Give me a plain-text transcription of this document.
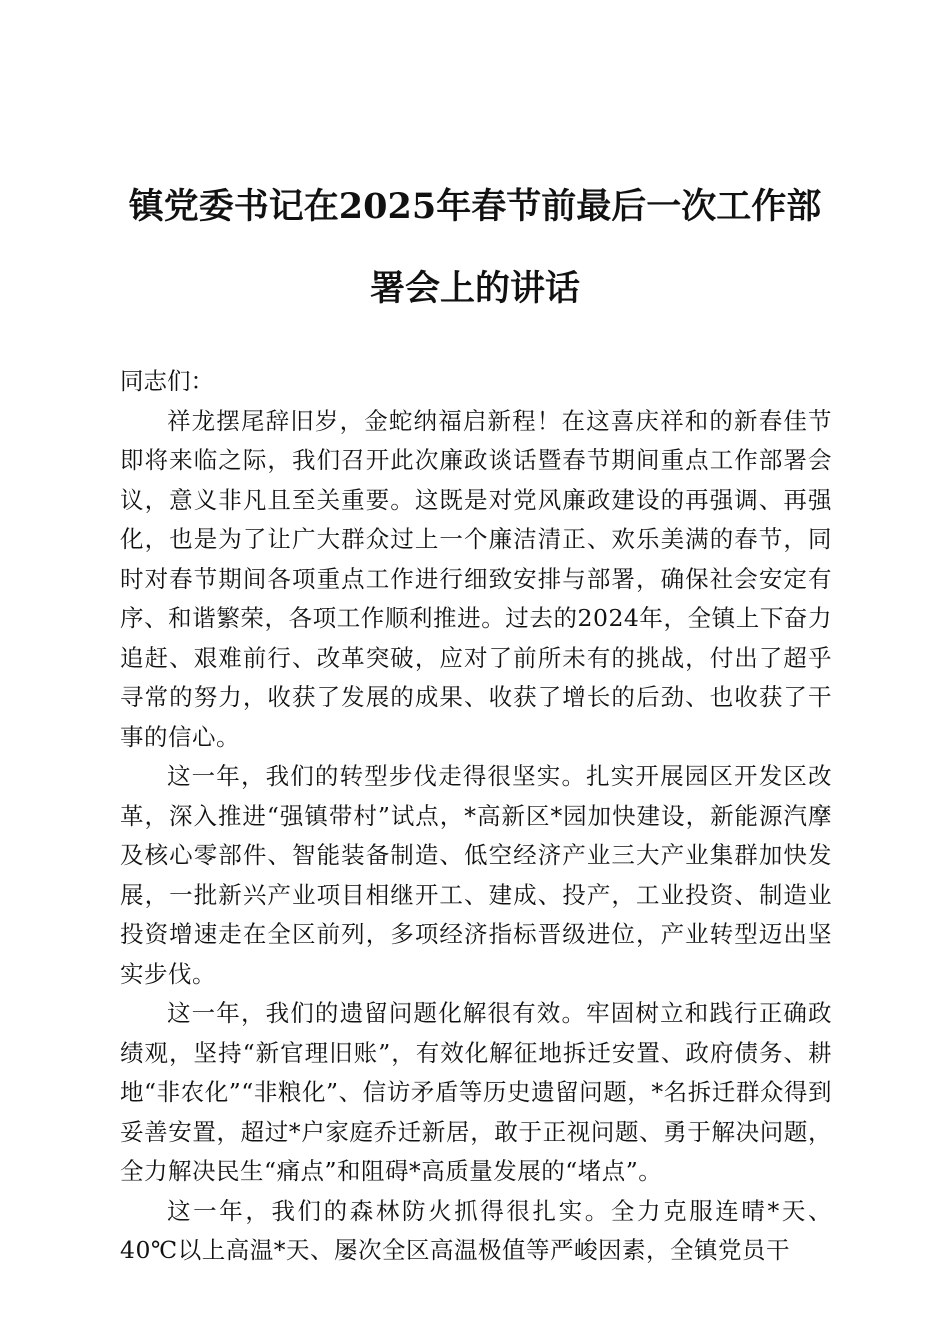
镇党委书记在2025年春节前最后一次工作部
署会上的讲话
同志们：

祥龙摆尾辞旧岁，金蛇纳福启新程！在这喜庆祥和的新春佳节即将来临之际，我们召开此次廉政谈话暨春节期间重点工作部署会议，意义非凡且至关重要。这既是对党风廉政建设的再强调、再强化，也是为了让广大群众过上一个廉洁清正、欢乐美满的春节，同时对春节期间各项重点工作进行细致安排与部署，确保社会安定有序、和谐繁荣，各项工作顺利推进。过去的2024年，全镇上下奋力追赶、艰难前行、改革突破，应对了前所未有的挑战，付出了超乎寻常的努力，收获了发展的成果、收获了增长的后劲、也收获了干事的信心。

这一年，我们的转型步伐走得很坚实。扎实开展园区开发区改革，深入推进“强镇带村”试点，*高新区*园加快建设，新能源汽摩及核心零部件、智能装备制造、低空经济产业三大产业集群加快发展，一批新兴产业项目相继开工、建成、投产，工业投资、制造业投资增速走在全区前列，多项经济指标晋级进位，产业转型迈出坚实步伐。

这一年，我们的遗留问题化解很有效。牢固树立和践行正确政绩观，坚持“新官理旧账”，有效化解征地拆迁安置、政府债务、耕地“非农化”“非粮化”、信访矛盾等历史遗留问题，*名拆迁群众得到妥善安置，超过*户家庭乔迁新居，敢于正视问题、勇于解决问题，全力解决民生“痛点”和阻碍*高质量发展的“堵点”。

这一年，我们的森林防火抓得很扎实。全力克服连晴*天、40℃以上高温*天、屡次全区高温极值等严峻因素，全镇党员干
